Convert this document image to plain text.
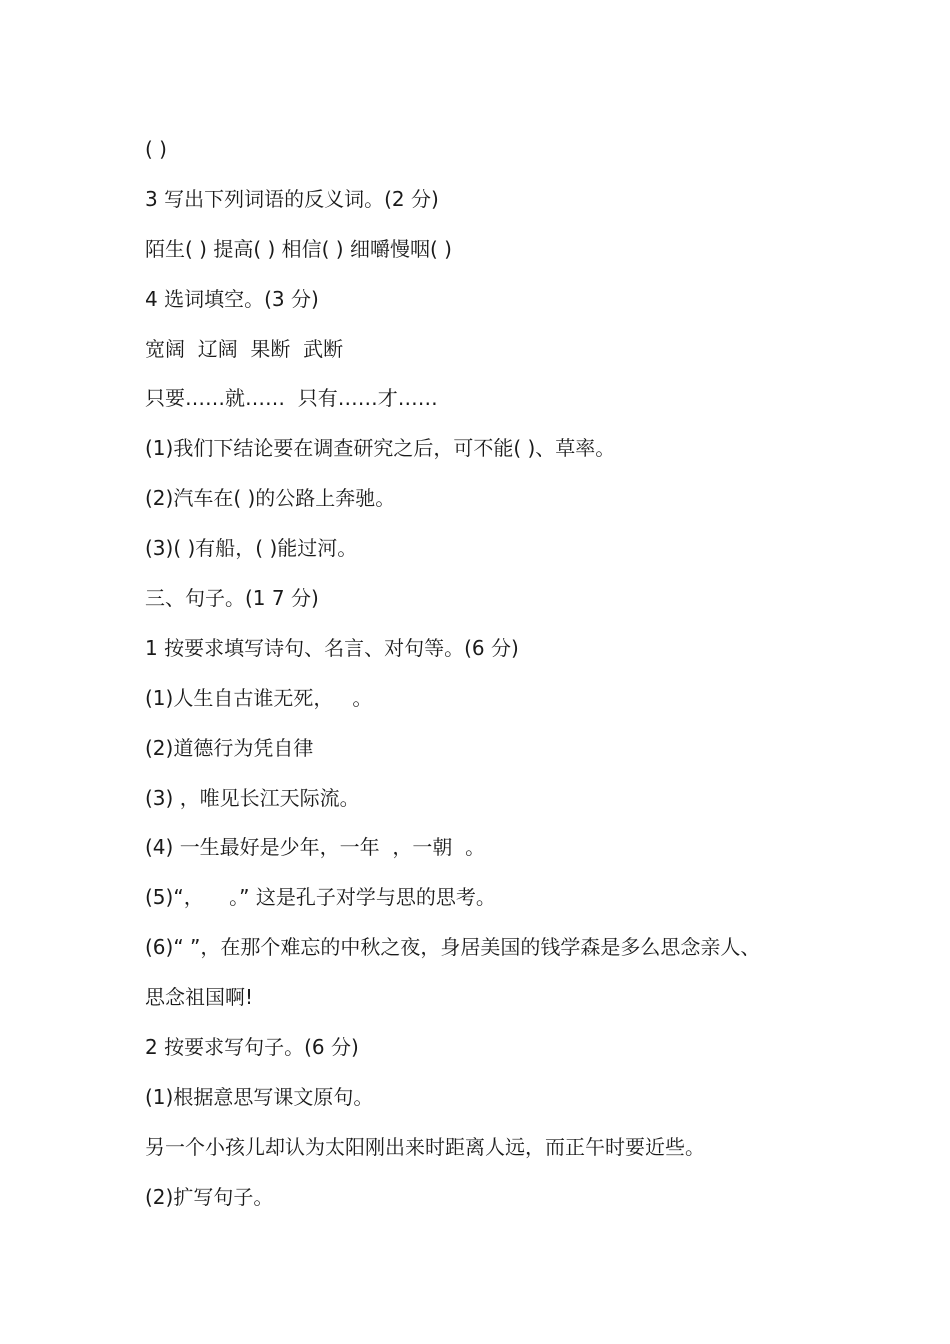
( )
3 写出下列词语的反义词。(2 分)
陌生( ) 提高( ) 相信( ) 细嚼慢咽( )
4 选词填空。(3 分)
宽阔  辽阔  果断  武断
只要……就……  只有……才……
(1)我们下结论要在调查研究之后，可不能( )、草率。
(2)汽车在( )的公路上奔驰。
(3)( )有船，( )能过河。
三、句子。(1 7 分)
1 按要求填写诗句、名言、对句等。(6 分)
(1)人生自古谁无死，   。
(2)道德行为凭自律
(3) ，唯见长江天际流。
(4) 一生最好是少年，一年  ，一朝  。
(5)“，    。” 这是孔子对学与思的思考。
(6)“ ”，在那个难忘的中秋之夜，身居美国的钱学森是多么思念亲人、
思念祖国啊!
2 按要求写句子。(6 分)
(1)根据意思写课文原句。
另一个小孩儿却认为太阳刚出来时距离人远，而正午时要近些。
(2)扩写句子。
